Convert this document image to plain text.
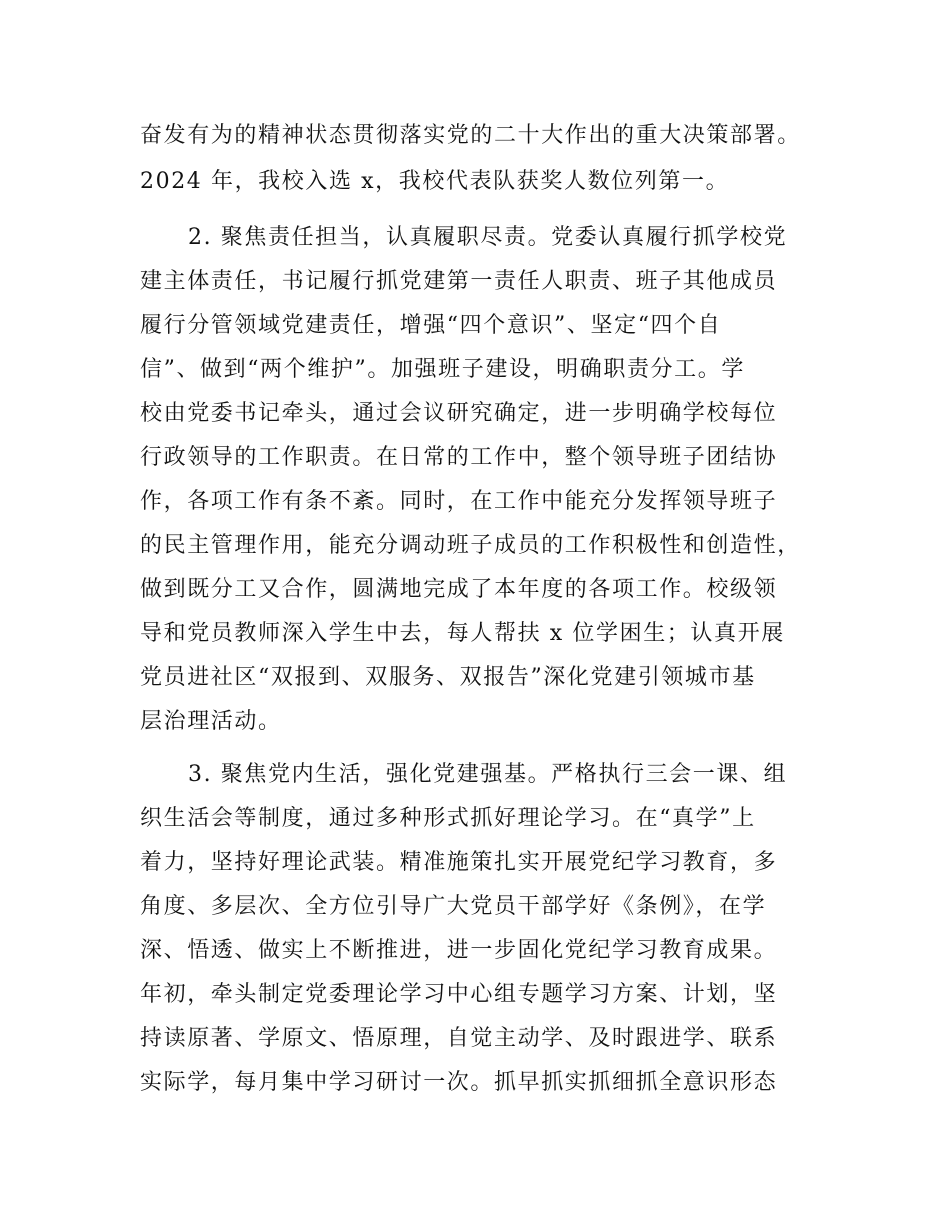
奋发有为的精神状态贯彻落实党的二十大作出的重大决策部署。
2024 年，我校入选 x，我校代表队获奖人数位列第一。
2. 聚焦责任担当，认真履职尽责。党委认真履行抓学校党
建主体责任，书记履行抓党建第一责任人职责、班子其他成员
履行分管领域党建责任，增强“四个意识”、坚定“四个自
信”、做到“两个维护”。加强班子建设，明确职责分工。学
校由党委书记牵头，通过会议研究确定，进一步明确学校每位
行政领导的工作职责。在日常的工作中，整个领导班子团结协
作，各项工作有条不紊。同时，在工作中能充分发挥领导班子
的民主管理作用，能充分调动班子成员的工作积极性和创造性，
做到既分工又合作，圆满地完成了本年度的各项工作。校级领
导和党员教师深入学生中去，每人帮扶 x 位学困生；认真开展
党员进社区“双报到、双服务、双报告”深化党建引领城市基
层治理活动。
3. 聚焦党内生活，强化党建强基。严格执行三会一课、组
织生活会等制度，通过多种形式抓好理论学习。在“真学”上
着力，坚持好理论武装。精准施策扎实开展党纪学习教育，多
角度、多层次、全方位引导广大党员干部学好《条例》，在学
深、悟透、做实上不断推进，进一步固化党纪学习教育成果。
年初，牵头制定党委理论学习中心组专题学习方案、计划，坚
持读原著、学原文、悟原理，自觉主动学、及时跟进学、联系
实际学，每月集中学习研讨一次。抓早抓实抓细抓全意识形态
